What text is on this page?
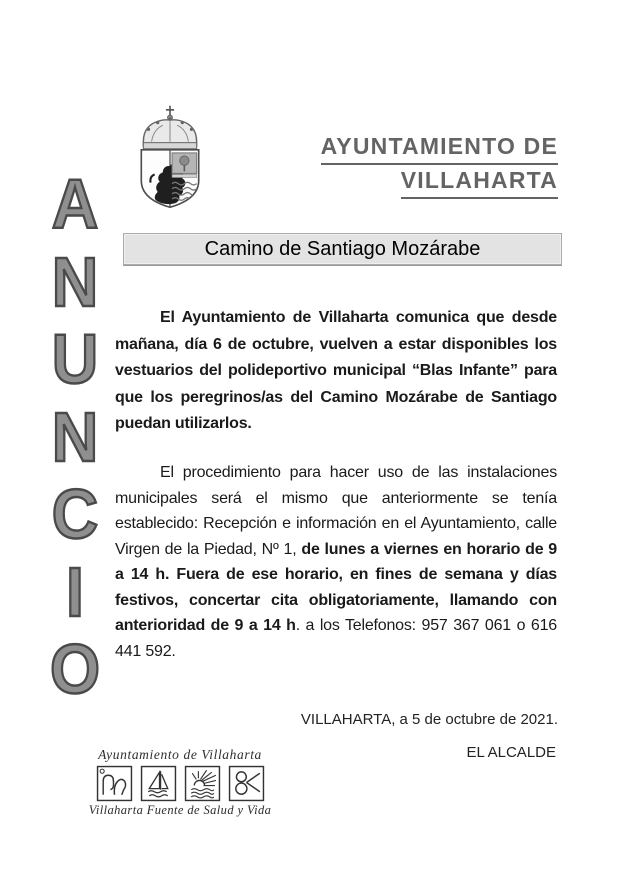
A
N
U
N
C
I
O
AYUNTAMIENTO DE
VILLAHARTA
Camino de Santiago Mozárabe

El Ayuntamiento de Villaharta comunica que desde mañana, día 6 de octubre, vuelven a estar disponibles los vestuarios del polideportivo municipal “Blas Infante” para que los peregrinos/as del Camino Mozárabe de Santiago puedan utilizarlos.

El procedimiento para hacer uso de las instalaciones municipales será el mismo que anteriormente se tenía establecido: Recepción e información en el Ayuntamiento, calle Virgen de la Piedad, Nº 1, de lunes a viernes en horario de 9 a 14 h. Fuera de ese horario, en fines de semana y días festivos, concertar cita obligatoriamente, llamando con anterioridad de 9 a 14 h. a los Telefonos: 957 367 061 o 616 441 592.

VILLAHARTA, a 5 de octubre de 2021.
EL ALCALDE
Ayuntamiento de Villaharta
Villaharta Fuente de Salud y Vida
